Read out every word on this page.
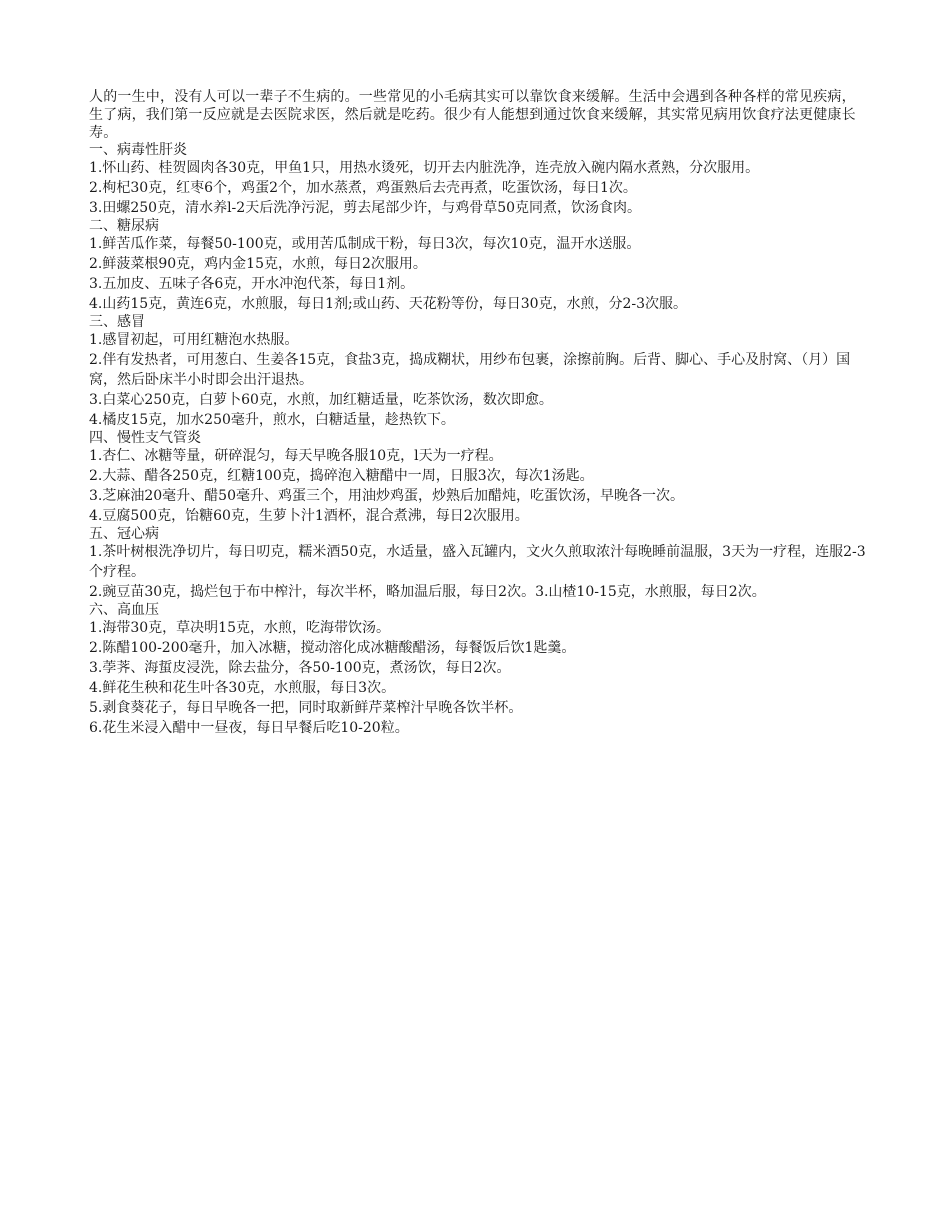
人的一生中，没有人可以一辈子不生病的。一些常见的小毛病其实可以靠饮食来缓解。生活中会遇到各种各样的常见疾病，生了病，我们第一反应就是去医院求医，然后就是吃药。很少有人能想到通过饮食来缓解，其实常见病用饮食疗法更健康长寿。

一、病毒性肝炎

1.怀山药、桂贺圆肉各30克，甲鱼1只，用热水烫死，切开去内脏洗净，连壳放入碗内隔水煮熟，分次服用。

2.枸杞30克，红枣6个，鸡蛋2个，加水蒸煮，鸡蛋熟后去壳再煮，吃蛋饮汤，每日1次。

3.田螺250克，清水养l-2天后洗净污泥，剪去尾部少许，与鸡骨草50克同煮，饮汤食肉。

二、糖尿病

1.鲜苦瓜作菜，每餐50-100克，或用苦瓜制成干粉，每日3次，每次10克，温开水送服。

2.鲜菠菜根90克，鸡内金15克，水煎，每日2次服用。

3.五加皮、五味子各6克，开水冲泡代茶，每日1剂。

4.山药15克，黄连6克，水煎服，每日1剂;或山药、天花粉等份，每日30克，水煎，分2-3次服。

三、感冒

1.感冒初起，可用红糖泡水热服。

2.伴有发热者，可用葱白、生姜各15克，食盐3克，捣成糊状，用纱布包裹，涂擦前胸。后背、脚心、手心及肘窝、（月）国窝，然后卧床半小时即会出汗退热。

3.白菜心250克，白萝卜60克，水煎，加红糖适量，吃茶饮汤，数次即愈。

4.橘皮15克，加水250毫升，煎水，白糖适量，趁热钦下。

四、慢性支气管炎

1.杏仁、冰糖等量，研碎混匀，每天早晚各服10克，l天为一疗程。

2.大蒜、醋各250克，红糖100克，捣碎泡入糖醋中一周，日服3次，每次1汤匙。

3.芝麻油20毫升、醋50毫升、鸡蛋三个，用油炒鸡蛋，炒熟后加醋炖，吃蛋饮汤，早晚各一次。

4.豆腐500克，饴糖60克，生萝卜汁1酒杯，混合煮沸，每日2次服用。

五、冠心病

1.茶叶树根洗净切片，每日叨克，糯米酒50克，水适量，盛入瓦罐内，文火久煎取浓汁每晚睡前温服，3天为一疗程，连服2-3个疗程。

2.豌豆苗30克，捣烂包于布中榨汁，每次半杯，略加温后服，每日2次。3.山楂10-15克，水煎服，每日2次。

六、高血压

1.海带30克，草决明15克，水煎，吃海带饮汤。

2.陈醋100-200毫升，加入冰糖，搅动溶化成冰糖酸醋汤，每餐饭后饮1匙羹。

3.荸荠、海蜇皮浸洗，除去盐分，各50-100克，煮汤饮，每日2次。

4.鲜花生秧和花生叶各30克，水煎服，每日3次。

5.剥食葵花子，每日早晚各一把，同时取新鲜芹菜榨汁早晚各饮半杯。

6.花生米浸入醋中一昼夜，每日早餐后吃10-20粒。
